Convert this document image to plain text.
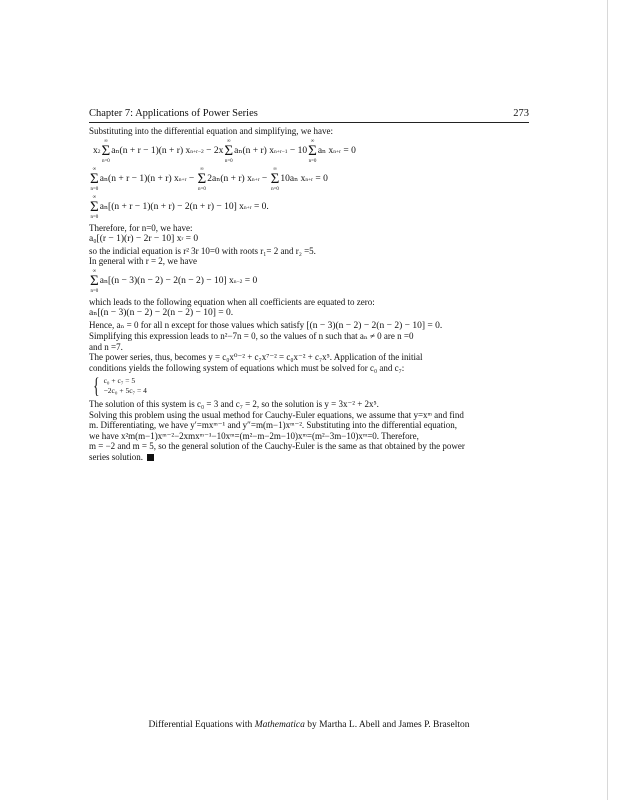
Chapter 7: Applications of Power Series	273

Substituting into the differential equation and simplifying, we have:

x 2
∞
Σ
n=0
aₙ(n + r − 1)(n + r) x n+r−2 − 2x
∞
Σ
n=0
aₙ(n + r) x n+r−1 − 10
∞
Σ
n=0
aₙ x n+r = 0
∞
Σ
n=0
aₙ(n + r − 1)(n + r) x n+r −
∞
Σ
n=0
2aₙ(n + r) x n+r −
∞
Σ
n=0
10aₙ x n+r = 0
∞
Σ
n=0
aₙ[(n + r − 1)(n + r) − 2(n + r) − 10] x n+r = 0.

Therefore, for n=0, we have:

a₀[(r − 1)(r) − 2r − 10] x r = 0

so the indicial equation is r² 3r 10=0 with roots r₁= 2 and r₂ =5.

In general with r = 2, we have

∞
Σ
n=0
aₙ[(n − 3)(n − 2) − 2(n − 2) − 10] x n−2 = 0

which leads to the following equation when all coefficients are equated to zero:

aₙ[(n − 3)(n − 2) − 2(n − 2) − 10] = 0.

Hence, aₙ = 0 for all n except for those values which satisfy [(n − 3)(n − 2) − 2(n − 2) − 10] = 0.

Simplifying this expression leads to n²−7n = 0, so the values of n such that aₙ ≠ 0 are n =0

and n =7.

The power series, thus, becomes y = c₀x⁰⁻² + c₇x⁷⁻² = c₀x⁻² + c₇x⁵. Application of the initial

conditions yields the following system of equations which must be solved for c₀ and c₇:

{ c₀ + c₇ = 5
−2c₀ + 5c₇ = 4

The solution of this system is c₀ = 3 and c₇ = 2, so the solution is y = 3x⁻² + 2x⁵.

Solving this problem using the usual method for Cauchy-Euler equations, we assume that y=xᵐ and find

m. Differentiating, we have y′=mxᵐ⁻¹ and y″=m(m−1)xᵐ⁻². Substituting into the differential equation,

we have x²m(m−1)xᵐ⁻²−2xmxᵐ⁻¹−10xᵐ=(m²−m−2m−10)xᵐ=(m²−3m−10)xᵐ=0. Therefore,

m = −2 and m = 5, so the general solution of the Cauchy-Euler is the same as that obtained by the power

series solution.

Differential Equations with Mathematica by Martha L. Abell and James P. Braselton
